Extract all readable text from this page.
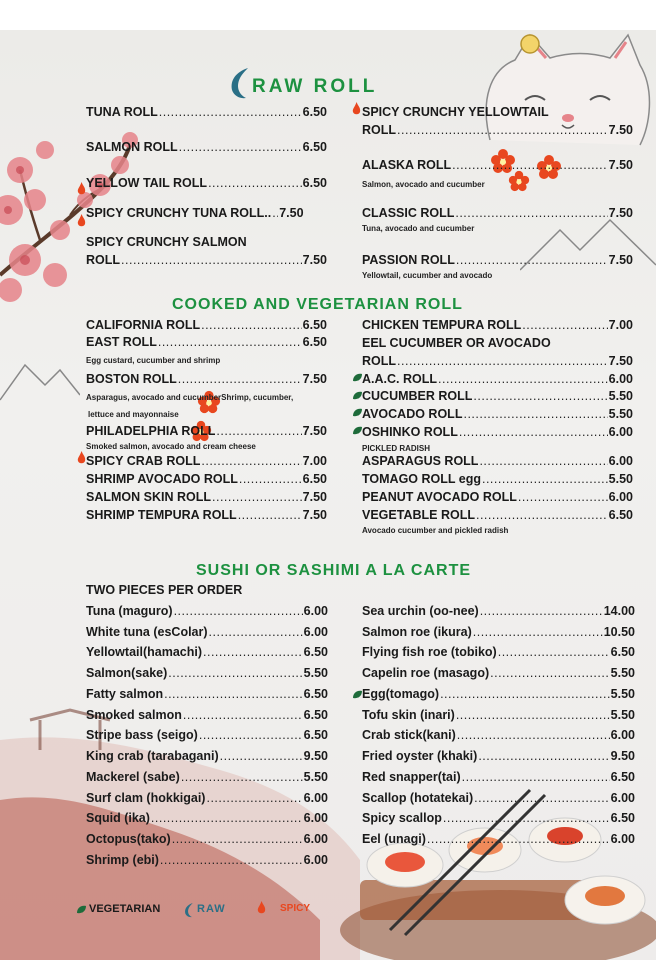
RAW ROLL
TUNA ROLL .....	6.50
SALMON ROLL .....	6.50
YELLOW TAIL ROLL .....	6.50
SPICY CRUNCHY TUNA ROLL.. ..... 7.50
SPICY CRUNCHY SALMON
ROLL .....	7.50
SPICY CRUNCHY YELLOWTAIL
ROLL .....	7.50
ALASKA ROLL .....	7.50
Salmon, avocado and cucumber
CLASSIC ROLL .....	7.50
Tuna, avocado and cucumber
PASSION ROLL .....	7.50
Yellowtail, cucumber and avocado
COOKED AND VEGETARIAN ROLL
CALIFORNIA ROLL .....	6.50
EAST ROLL .....	6.50
Egg custard, cucumber and shrimp
BOSTON ROLL .....	7.50
Asparagus, avocado and cucumberShrimp, cucumber,
lettuce and mayonnaise
PHILADELPHIA ROLL .....	7.50
Smoked salmon, avocado and cream cheese
SPICY CRAB ROLL .....	7.00
SHRIMP AVOCADO ROLL .....	6.50
SALMON SKIN ROLL .....	7.50
SHRIMP TEMPURA ROLL .....	7.50
CHICKEN TEMPURA ROLL .....	7.00
EEL CUCUMBER OR AVOCADO
ROLL .....	7.50
A.A.C. ROLL .....	6.00
CUCUMBER ROLL .....	5.50
AVOCADO ROLL .....	5.50
OSHINKO ROLL .....	6.00
PICKLED RADISH
ASPARAGUS ROLL .....	6.00
TOMAGO ROLL egg .....	5.50
PEANUT AVOCADO ROLL .....	6.00
VEGETABLE ROLL .....	6.50
Avocado cucumber and pickled radish
SUSHI OR SASHIMI A LA CARTE
TWO PIECES PER ORDER
Tuna (maguro) .....	6.00
White tuna (esColar) .....	6.00
Yellowtail(hamachi) .....	6.50
Salmon(sake) .....	5.50
Fatty salmon .....	6.50
Smoked salmon .....	6.50
Stripe bass (seigo) .....	6.50
King crab (tarabagani) .....	9.50
Mackerel (sabe) .....	5.50
Surf clam (hokkigai) .....	6.00
Squid (ika) .....	6.00
Octopus(tako) .....	6.00
Shrimp (ebi) .....	6.00
Sea urchin (oo-nee) .....	14.00
Salmon roe (ikura) .....	10.50
Flying fish roe (tobiko) .....	6.50
Capelin roe (masago) .....	5.50
Egg(tomago) .....	5.50
Tofu skin (inari) .....	5.50
Crab stick(kani) .....	6.00
Fried oyster (khaki) .....	9.50
Red snapper(tai) .....	6.50
Scallop (hotatekai) .....	6.00
Spicy scallop .....	6.50
Eel (unagi) .....	6.00
VEGETARIAN	RAW	SPICY
